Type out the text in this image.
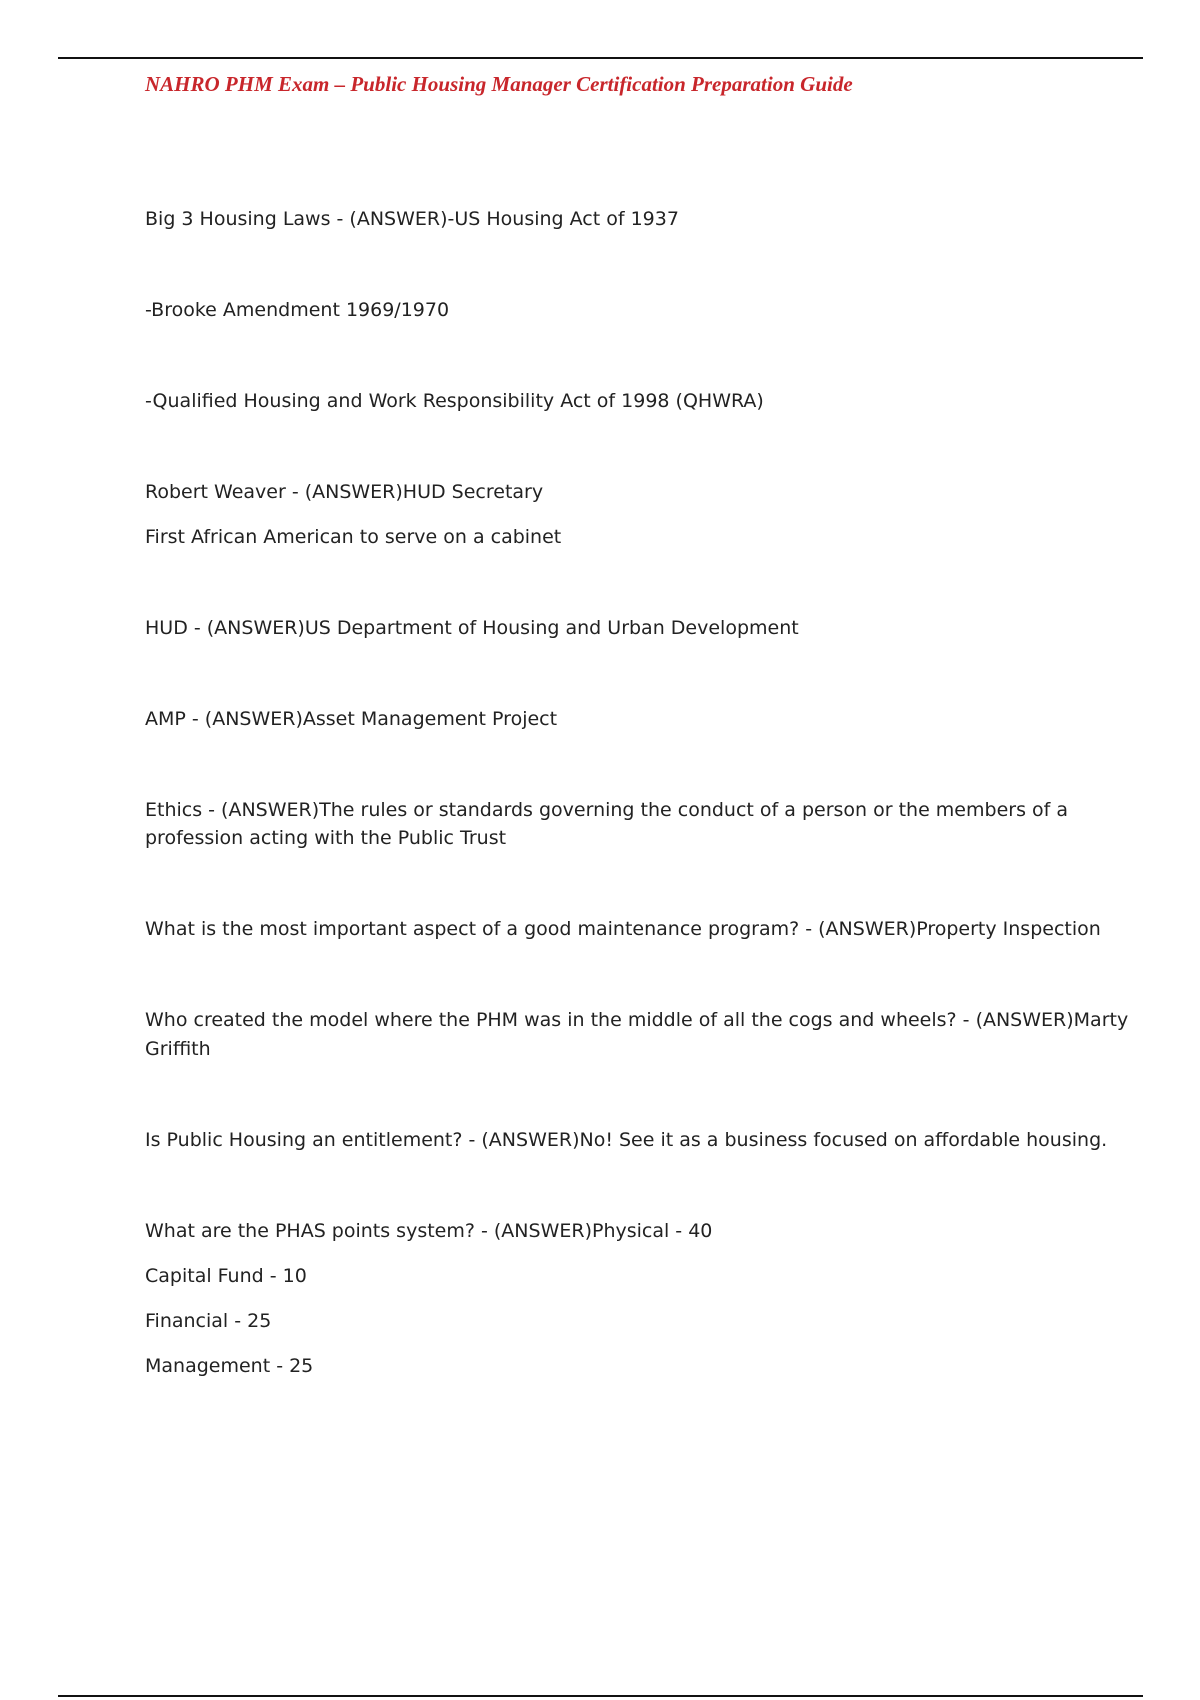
NAHRO PHM Exam – Public Housing Manager Certification Preparation Guide

Big 3 Housing Laws - (ANSWER)-US Housing Act of 1937

-Brooke Amendment 1969/1970

-Qualified Housing and Work Responsibility Act of 1998 (QHWRA)

Robert Weaver - (ANSWER)HUD Secretary

First African American to serve on a cabinet

HUD - (ANSWER)US Department of Housing and Urban Development

AMP - (ANSWER)Asset Management Project

Ethics - (ANSWER)The rules or standards governing the conduct of a person or the members of a

profession acting with the Public Trust

What is the most important aspect of a good maintenance program? - (ANSWER)Property Inspection

Who created the model where the PHM was in the middle of all the cogs and wheels? - (ANSWER)Marty

Griffith

Is Public Housing an entitlement? - (ANSWER)No! See it as a business focused on affordable housing.

What are the PHAS points system? - (ANSWER)Physical - 40

Capital Fund - 10

Financial - 25

Management - 25
